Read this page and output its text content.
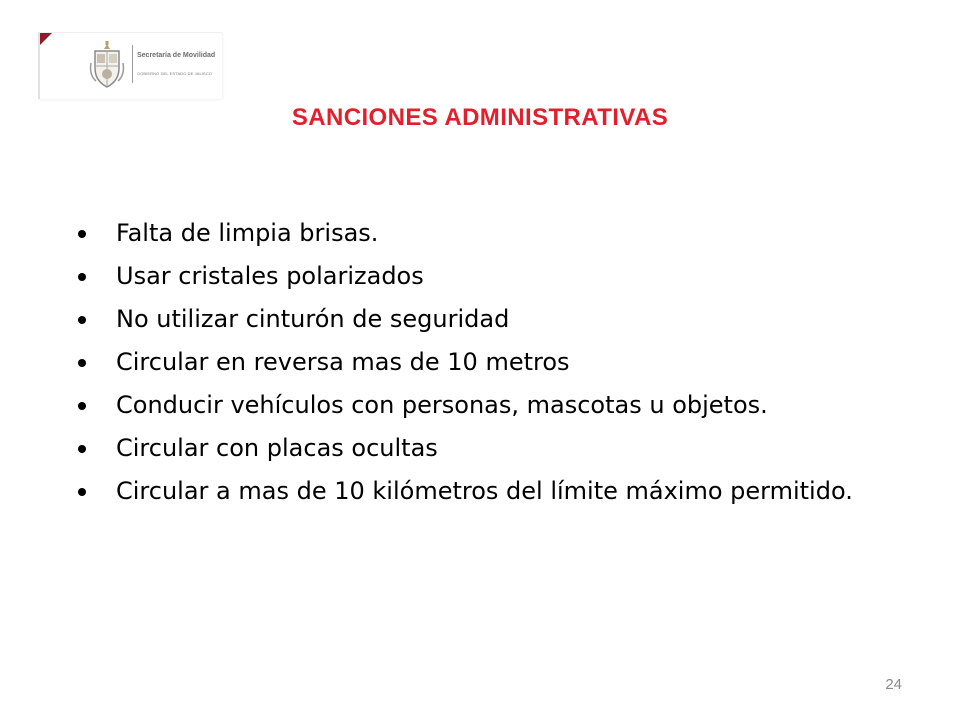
Secretaría de Movilidad
GOBIERNO DEL ESTADO DE JALISCO
SANCIONES ADMINISTRATIVAS
Falta de limpia brisas.
Usar cristales polarizados
No utilizar cinturón de seguridad
Circular en reversa mas de 10 metros
Conducir vehículos con personas, mascotas u objetos.
Circular con placas ocultas
Circular a mas de 10 kilómetros del límite máximo permitido.
24
